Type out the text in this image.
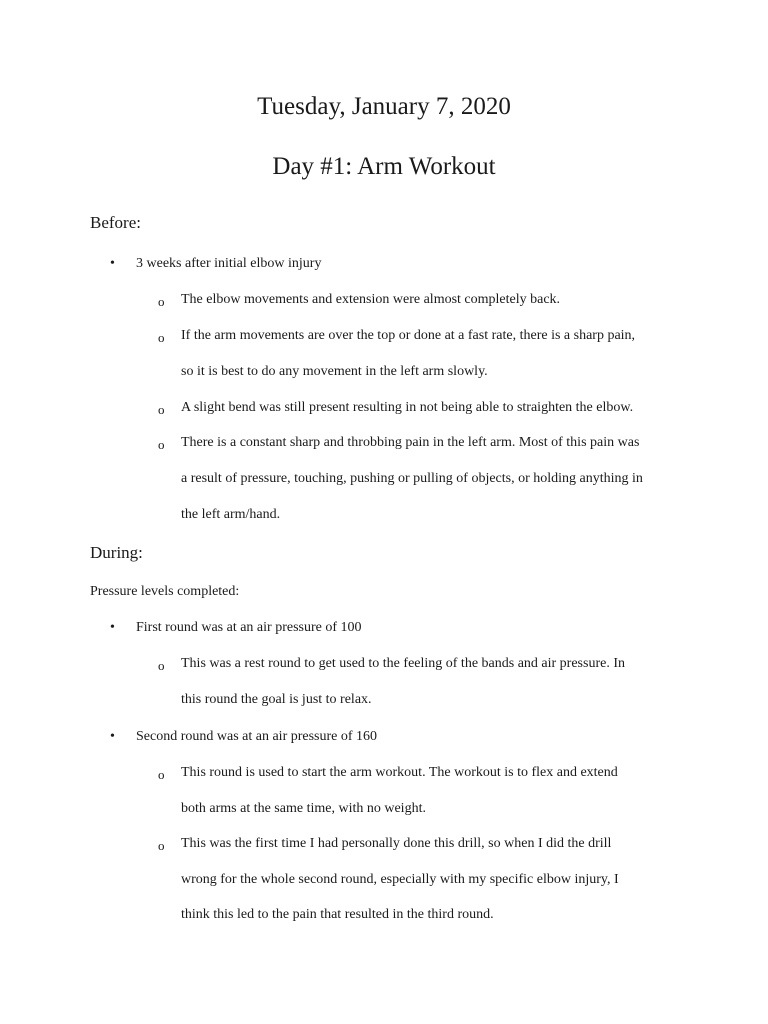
Tuesday, January 7, 2020
Day #1: Arm Workout
Before:
• 3 weeks after initial elbow injury
o The elbow movements and extension were almost completely back.
o If the arm movements are over the top or done at a fast rate, there is a sharp pain,
so it is best to do any movement in the left arm slowly.
o A slight bend was still present resulting in not being able to straighten the elbow.
o There is a constant sharp and throbbing pain in the left arm. Most of this pain was
a result of pressure, touching, pushing or pulling of objects, or holding anything in
the left arm/hand.
During:
Pressure levels completed:
• First round was at an air pressure of 100
o This was a rest round to get used to the feeling of the bands and air pressure. In
this round the goal is just to relax.
• Second round was at an air pressure of 160
o This round is used to start the arm workout. The workout is to flex and extend
both arms at the same time, with no weight.
o This was the first time I had personally done this drill, so when I did the drill
wrong for the whole second round, especially with my specific elbow injury, I
think this led to the pain that resulted in the third round.
